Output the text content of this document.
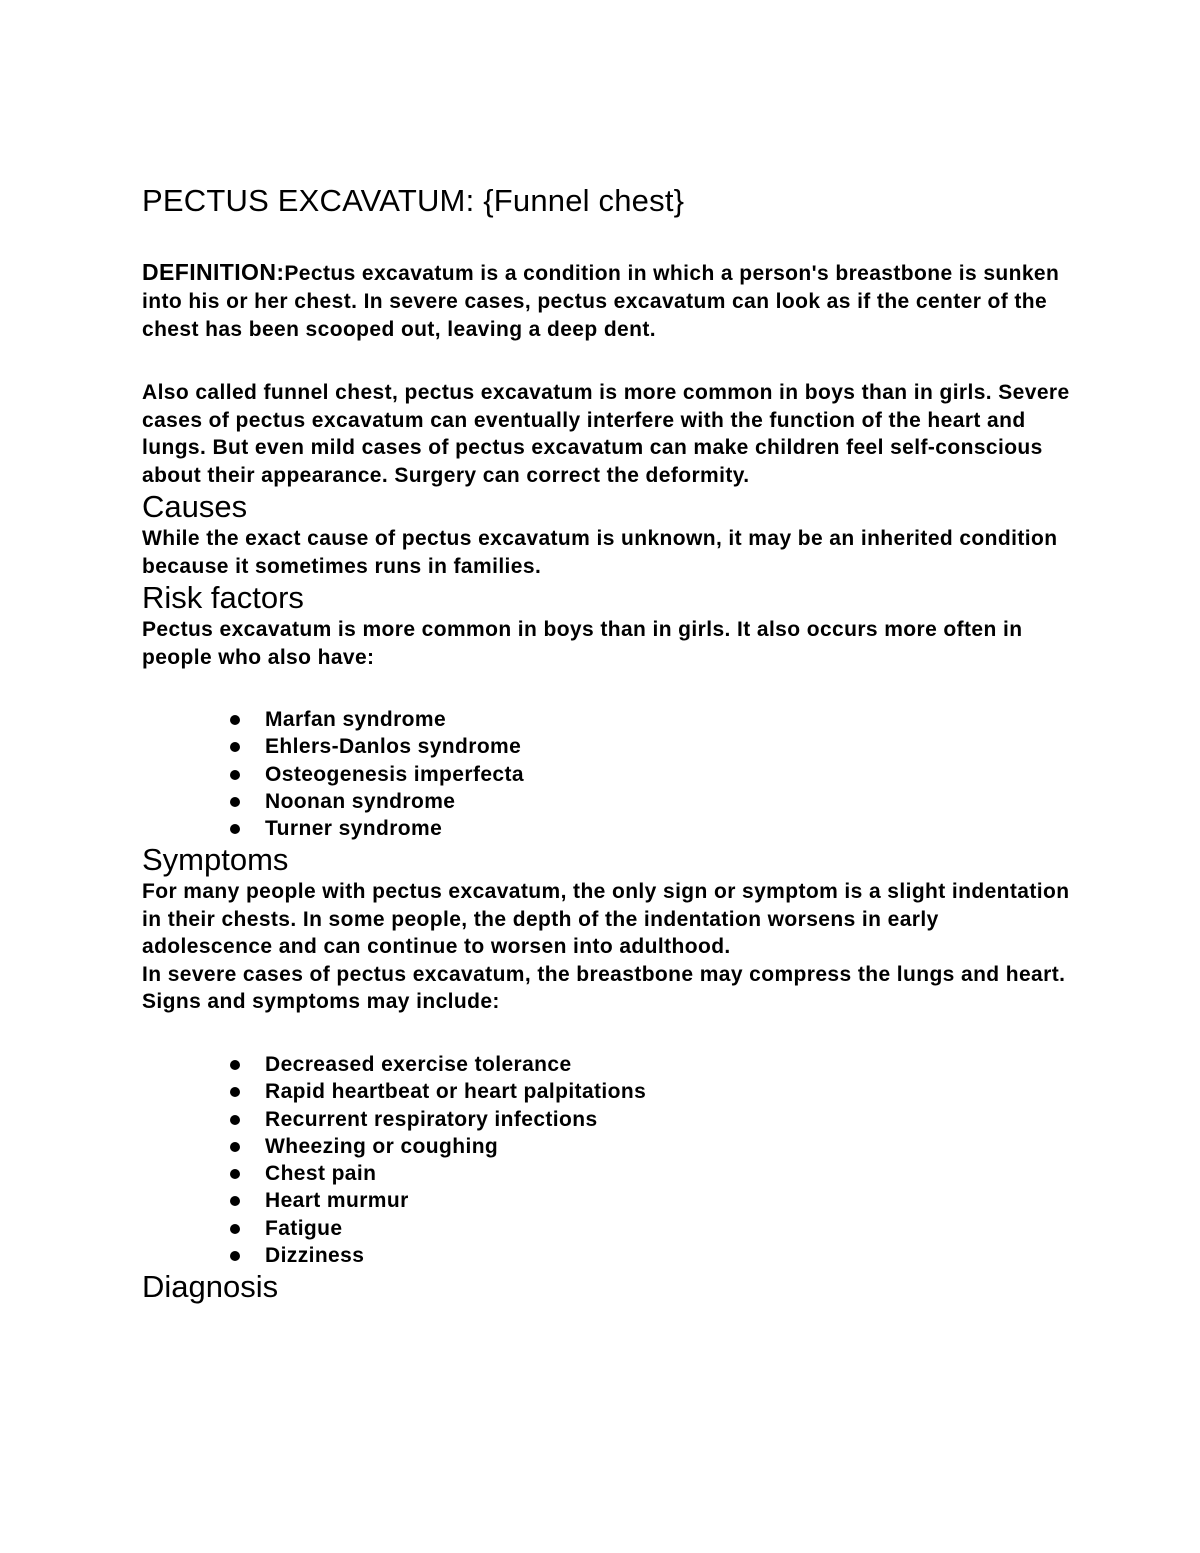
PECTUS EXCAVATUM: {Funnel chest}
DEFINITION:Pectus excavatum is a condition in which a person's breastbone is sunken into his or her chest. In severe cases, pectus excavatum can look as if the center of the chest has been scooped out, leaving a deep dent.

Also called funnel chest, pectus excavatum is more common in boys than in girls. Severe cases of pectus excavatum can eventually interfere with the function of the heart and lungs. But even mild cases of pectus excavatum can make children feel self-conscious about their appearance. Surgery can correct the deformity.

Causes

While the exact cause of pectus excavatum is unknown, it may be an inherited condition because it sometimes runs in families.

Risk factors

Pectus excavatum is more common in boys than in girls. It also occurs more often in people who also have:

Marfan syndrome
Ehlers-Danlos syndrome
Osteogenesis imperfecta
Noonan syndrome
Turner syndrome
Symptoms

For many people with pectus excavatum, the only sign or symptom is a slight indentation in their chests. In some people, the depth of the indentation worsens in early adolescence and can continue to worsen into adulthood.

In severe cases of pectus excavatum, the breastbone may compress the lungs and heart. Signs and symptoms may include:

Decreased exercise tolerance
Rapid heartbeat or heart palpitations
Recurrent respiratory infections
Wheezing or coughing
Chest pain
Heart murmur
Fatigue
Dizziness
Diagnosis
